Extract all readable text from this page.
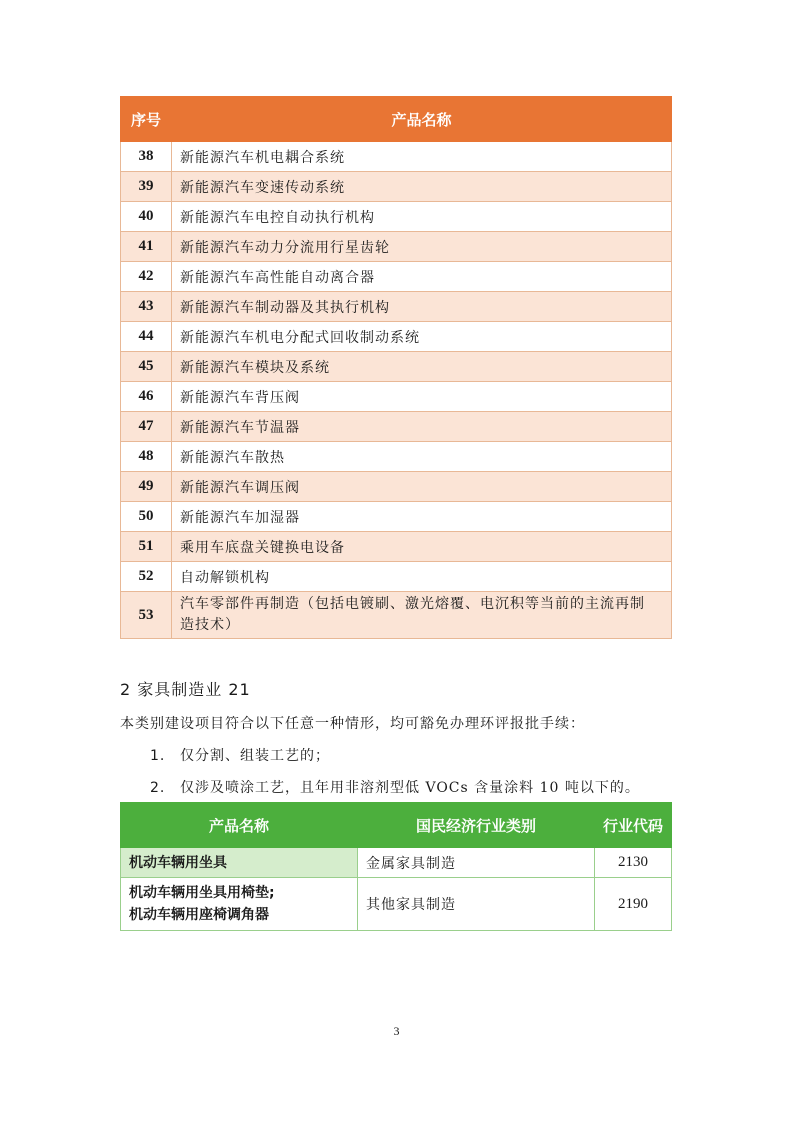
序号	产品名称
38	新能源汽车机电耦合系统
39	新能源汽车变速传动系统
40	新能源汽车电控自动执行机构
41	新能源汽车动力分流用行星齿轮
42	新能源汽车高性能自动离合器
43	新能源汽车制动器及其执行机构
44	新能源汽车机电分配式回收制动系统
45	新能源汽车模块及系统
46	新能源汽车背压阀
47	新能源汽车节温器
48	新能源汽车散热
49	新能源汽车调压阀
50	新能源汽车加湿器
51	乘用车底盘关键换电设备
52	自动解锁机构
53	汽车零部件再制造（包括电镀刷、激光熔覆、电沉积等当前的主流再制
造技术）
2 家具制造业 21
本类别建设项目符合以下任意一种情形，均可豁免办理环评报批手续：
1. 仅分割、组装工艺的；
2. 仅涉及喷涂工艺，且年用非溶剂型低 VOCs 含量涂料 10 吨以下的。
产品名称	国民经济行业类别	行业代码
机动车辆用坐具	金属家具制造	2130

机动车辆用坐具用椅垫;
机动车辆用座椅调角器	其他家具制造	2190
3
